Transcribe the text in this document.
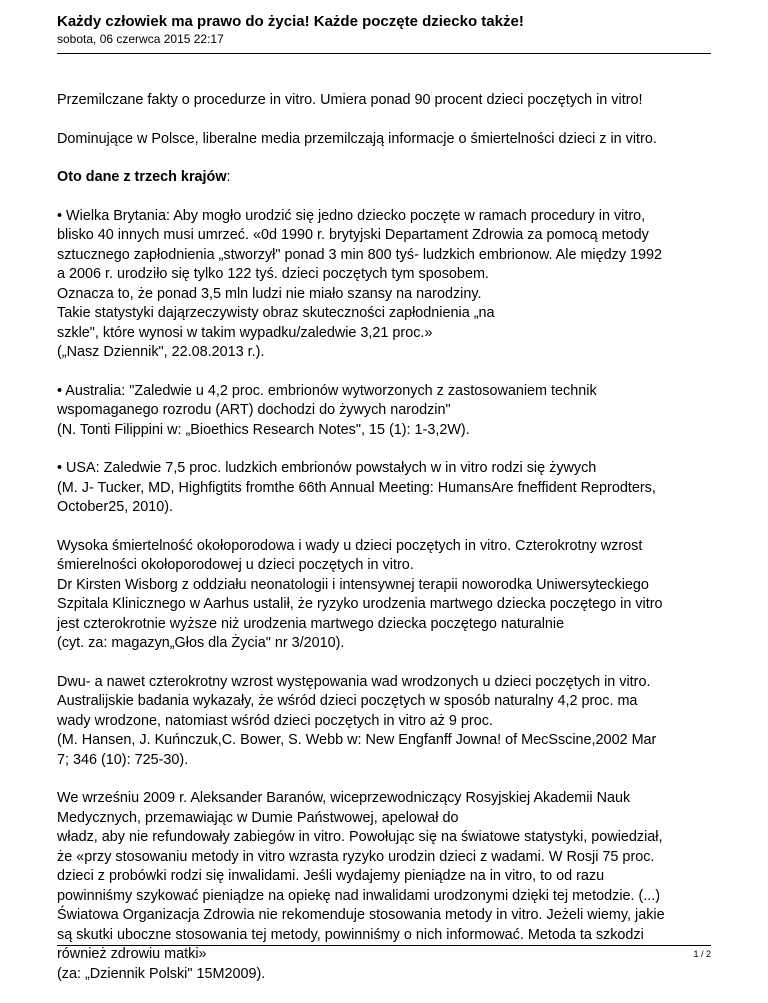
Każdy człowiek ma prawo do życia! Każde poczęte dziecko także!
sobota, 06 czerwca 2015 22:17

Przemilczane fakty o procedurze in vitro. Umiera ponad 90 procent dzieci poczętych in vitro!

Dominujące w Polsce, liberalne media przemilczają informacje o śmiertelności dzieci z in vitro.

Oto dane z trzech krajów:

• Wielka Brytania: Aby mogło urodzić się jedno dziecko poczęte w ramach procedury in vitro,
blisko 40 innych musi umrzeć. «0d 1990 r. brytyjski Departament Zdrowia za pomocą metody
sztucznego zapłodnienia „stworzył" ponad 3 min 800 tyś- ludzkich embrionow. Ale między 1992
a 2006 r. urodziło się tylko 122 tyś. dzieci poczętych tym sposobem.
Oznacza to, że ponad 3,5 mln ludzi nie miało szansy na narodziny.
Takie statystyki dająrzeczywisty obraz skuteczności zapłodnienia „na
szkle", które wynosi w takim wypadku/zaledwie 3,21 proc.»
(„Nasz Dziennik", 22.08.2013 r.).

• Australia: "Zaledwie u 4,2 proc. embrionów wytworzonych z zastosowaniem technik
wspomaganego rozrodu (ART) dochodzi do żywych narodzin"
(N. Tonti Filippini w: „Bioethics Research Notes", 15 (1): 1-3,2W).

• USA: Zaledwie 7,5 proc. ludzkich embrionów powstałych w in vitro rodzi się żywych
(M. J- Tucker, MD, Highfigtits fromthe 66th Annual Meeting: HumansAre fneffident Reprodters,
October25, 2010).

Wysoka śmiertelność okołoporodowa i wady u dzieci poczętych in vitro. Czterokrotny wzrost
śmierelności okołoporodowej u dzieci poczętych in vitro.
Dr Kirsten Wisborg z oddziału neonatologii i intensywnej terapii noworodka Uniwersyteckiego
Szpitala Klinicznego w Aarhus ustalił, że ryzyko urodzenia martwego dziecka poczętego in vitro
jest czterokrotnie wyższe niż urodzenia martwego dziecka poczętego naturalnie
(cyt. za: magazyn„Głos dla Życia" nr 3/2010).

Dwu- a nawet czterokrotny wzrost występowania wad wrodzonych u dzieci poczętych in vitro.
Australijskie badania wykazały, że wśród dzieci poczętych w sposób naturalny 4,2 proc. ma
wady wrodzone, natomiast wśród dzieci poczętych in vitro aż 9 proc.
(M. Hansen, J. Kuńnczuk,C. Bower, S. Webb w: New Engfanff Jowna! of MecSscine,2002 Mar
7; 346 (10): 725-30).

We wrześniu 2009 r. Aleksander Baranów, wiceprzewodniczący Rosyjskiej Akademii Nauk
Medycznych, przemawiając w Dumie Państwowej, apelował do
władz, aby nie refundowały zabiegów in vitro. Powołując się na światowe statystyki, powiedział,
że «przy stosowaniu metody in vitro wzrasta ryzyko urodzin dzieci z wadami. W Rosji 75 proc.
dzieci z probówki rodzi się inwalidami. Jeśli wydajemy pieniądze na in vitro, to od razu
powinniśmy szykować pieniądze na opiekę nad inwalidami urodzonymi dzięki tej metodzie. (...)
Światowa Organizacja Zdrowia nie rekomenduje stosowania metody in vitro. Jeżeli wiemy, jakie
są skutki uboczne stosowania tej metody, powinniśmy o nich informować. Metoda ta szkodzi
również zdrowiu matki»
(za: „Dziennik Polski" 15M2009).

1 / 2
